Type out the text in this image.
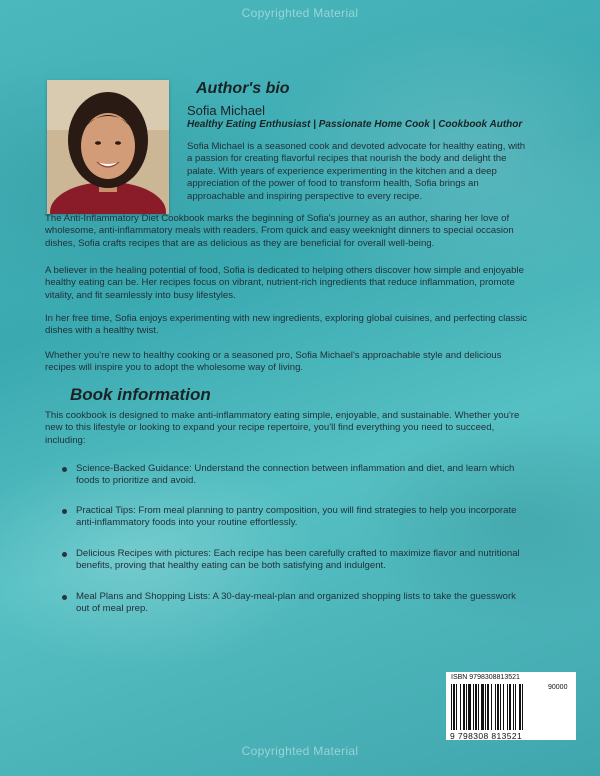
Copyrighted Material
Author's bio
Sofia Michael
Healthy Eating Enthusiast | Passionate Home Cook | Cookbook Author

Sofia Michael is a seasoned cook and devoted advocate for healthy eating, with a passion for creating flavorful recipes that nourish the body and delight the palate. With years of experience experimenting in the kitchen and a deep appreciation of the power of food to transform health, Sofia brings an approachable and inspiring perspective to every recipe.

The Anti-Inflammatory Diet Cookbook marks the beginning of Sofia's journey as an author, sharing her love of wholesome, anti-inflammatory meals with readers. From quick and easy weeknight dinners to special occasion dishes, Sofia crafts recipes that are as delicious as they are beneficial for overall well-being.

A believer in the healing potential of food, Sofia is dedicated to helping others discover how simple and enjoyable healthy eating can be. Her recipes focus on vibrant, nutrient-rich ingredients that reduce inflammation, promote vitality, and fit seamlessly into busy lifestyles.

In her free time, Sofia enjoys experimenting with new ingredients, exploring global cuisines, and perfecting classic dishes with a healthy twist.

Whether you're new to healthy cooking or a seasoned pro, Sofia Michael's approachable style and delicious recipes will inspire you to adopt the wholesome way of living.

Book information

This cookbook is designed to make anti-inflammatory eating simple, enjoyable, and sustainable. Whether you're new to this lifestyle or looking to expand your recipe repertoire, you'll find everything you need to succeed, including:

Science-Backed Guidance: Understand the connection between inflammation and diet, and learn which foods to prioritize and avoid.
Practical Tips: From meal planning to pantry composition, you will find strategies to help you incorporate anti-inflammatory foods into your routine effortlessly.
Delicious Recipes with pictures: Each recipe has been carefully crafted to maximize flavor and nutritional benefits, proving that healthy eating can be both satisfying and indulgent.
Meal Plans and Shopping Lists: A 30-day-meal-plan and organized shopping lists to take the guesswork out of meal prep.
ISBN 9798308813521
90000
9 798308 813521
Copyrighted Material
